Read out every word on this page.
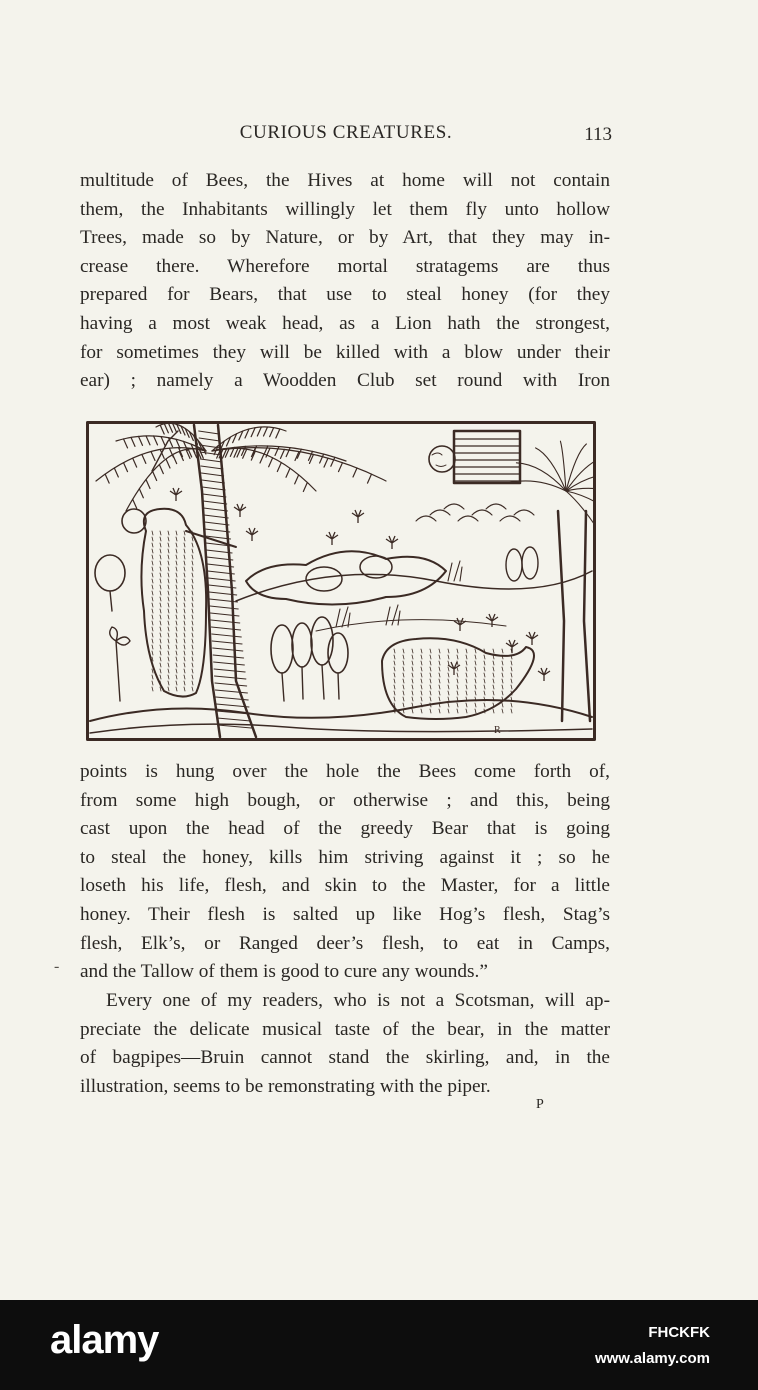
CURIOUS CREATURES.	113

multitude of Bees, the Hives at home will not contain
them, the Inhabitants willingly let them fly unto hollow
Trees, made so by Nature, or by Art, that they may in-
crease there. Wherefore mortal stratagems are thus
prepared for Bears, that use to steal honey (for they
having a most weak head, as a Lion hath the strongest,
for sometimes they will be killed with a blow under their
ear) ; namely a Woodden Club set round with Iron

R

points is hung over the hole the Bees come forth of,
from some high bough, or otherwise ; and this, being
cast upon the head of the greedy Bear that is going
to steal the honey, kills him striving against it ; so he
loseth his life, flesh, and skin to the Master, for a little
honey. Their flesh is salted up like Hog’s flesh, Stag’s
flesh, Elk’s, or Ranged deer’s flesh, to eat in Camps,
and the Tallow of them is good to cure any wounds.”

-

Every one of my readers, who is not a Scotsman, will ap-
preciate the delicate musical taste of the bear, in the matter
of bagpipes—Bruin cannot stand the skirling, and, in the
illustration, seems to be remonstrating with the piper.

P
alamy	FHCKFK
www.alamy.com
